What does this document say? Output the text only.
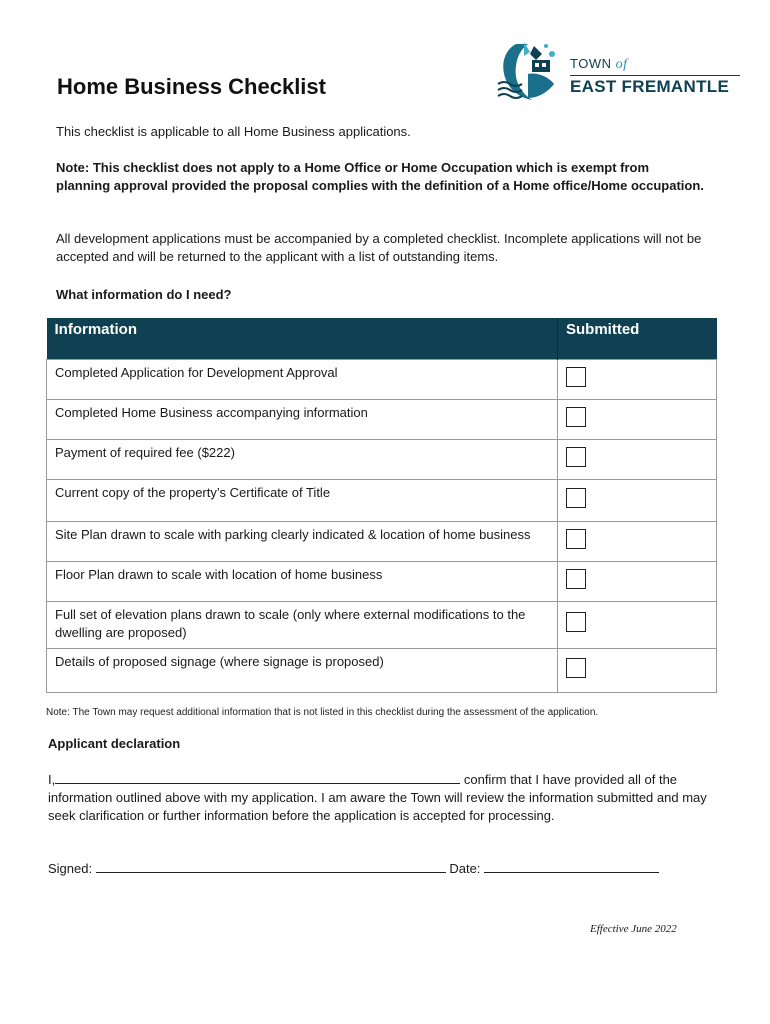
Home Business Checklist
TOWN of
EAST FREMANTLE

This checklist is applicable to all Home Business applications.

Note: This checklist does not apply to a Home Office or Home Occupation which is exempt from planning approval provided the proposal complies with the definition of a Home office/Home occupation.

All development applications must be accompanied by a completed checklist. Incomplete applications will not be accepted and will be returned to the applicant with a list of outstanding items.

What information do I need?

Information	Submitted
Completed Application for Development Approval	
Completed Home Business accompanying information	
Payment of required fee ($222)	
Current copy of the property’s Certificate of Title	
Site Plan drawn to scale with parking clearly indicated & location of home business	
Floor Plan drawn to scale with location of home business	
Full set of elevation plans drawn to scale (only where external modifications to the dwelling are proposed)	
Details of proposed signage (where signage is proposed)	
Note: The Town may request additional information that is not listed in this checklist during the assessment of the application.
Applicant declaration

I,	confirm that I have provided all of the information outlined above with my application. I am aware the Town will review the information submitted and may seek clarification or further information before the application is accepted for processing.

Signed:	Date:
Effective June 2022
